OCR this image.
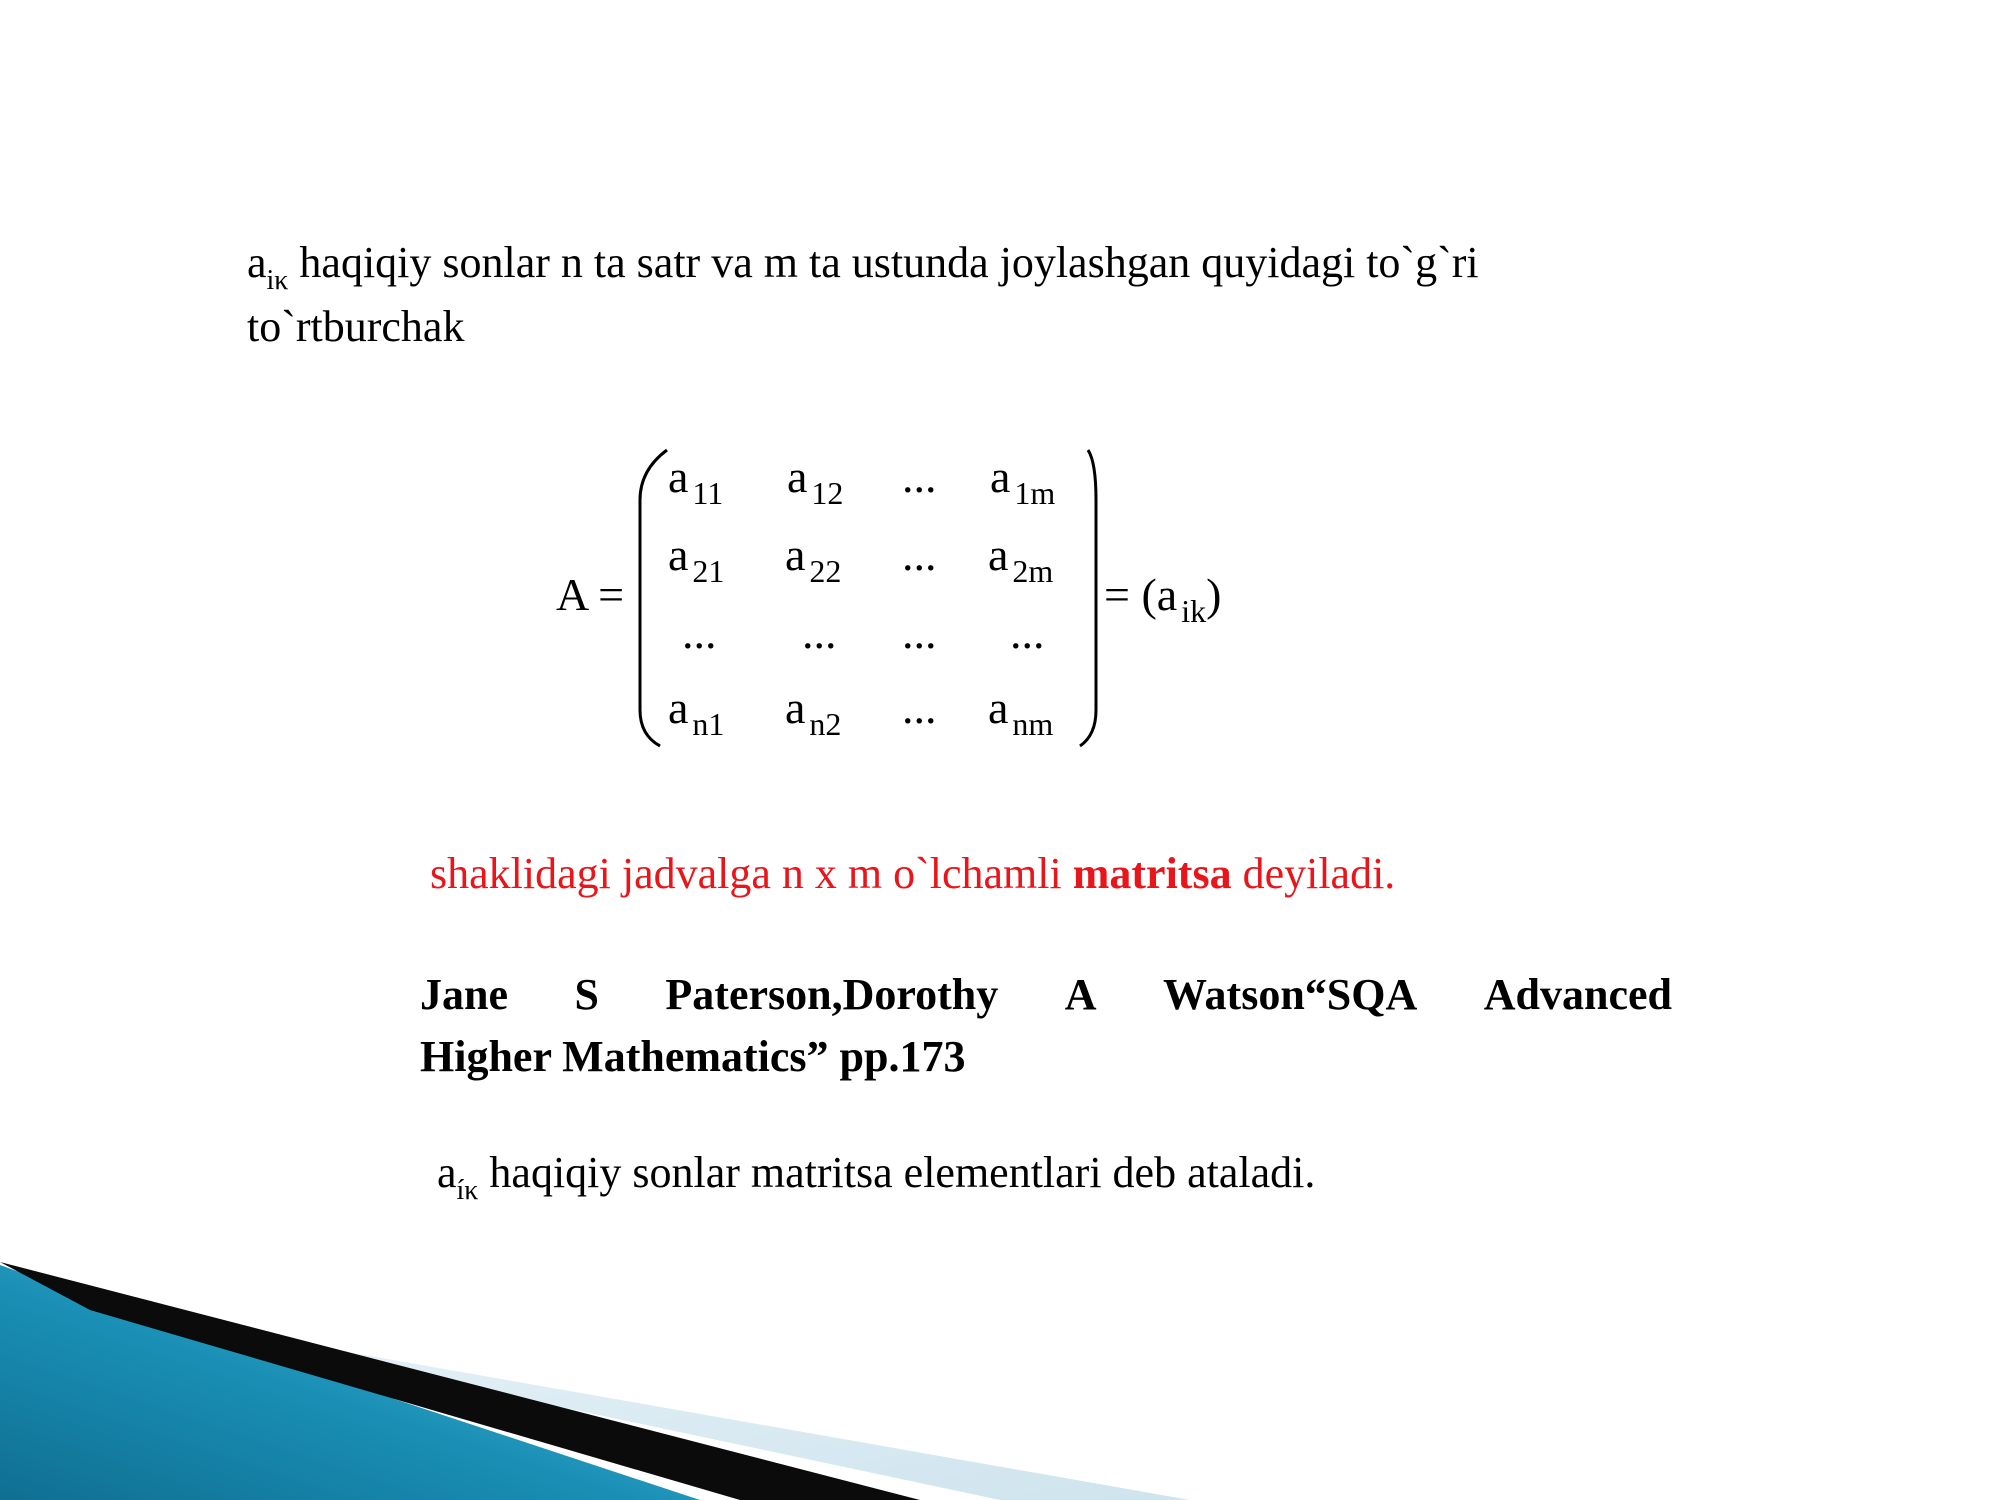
$a_{i\kappa}$ haqiqiy sonlar n ta satr va m ta ustunda joylashgan quyidagi to`g`ri
to`rtburchak
A =
a $_{11}$ a $_{12}$ ... a $_{1m}$
a $_{21}$ a $_{22}$ ... a $_{2m}$
... ... ... ...
a $_{n1}$ a $_{n2}$ ... a $_{nm}$
= (a $_{ik}$)
shaklidagi jadvalga n x m o`lchamli matritsa deyiladi.
Jane S Paterson,Dorothy A Watson“SQA Advanced
Higher Mathematics” pp.173
$a_{í\kappa}$ haqiqiy sonlar matritsa elementlari deb ataladi.
